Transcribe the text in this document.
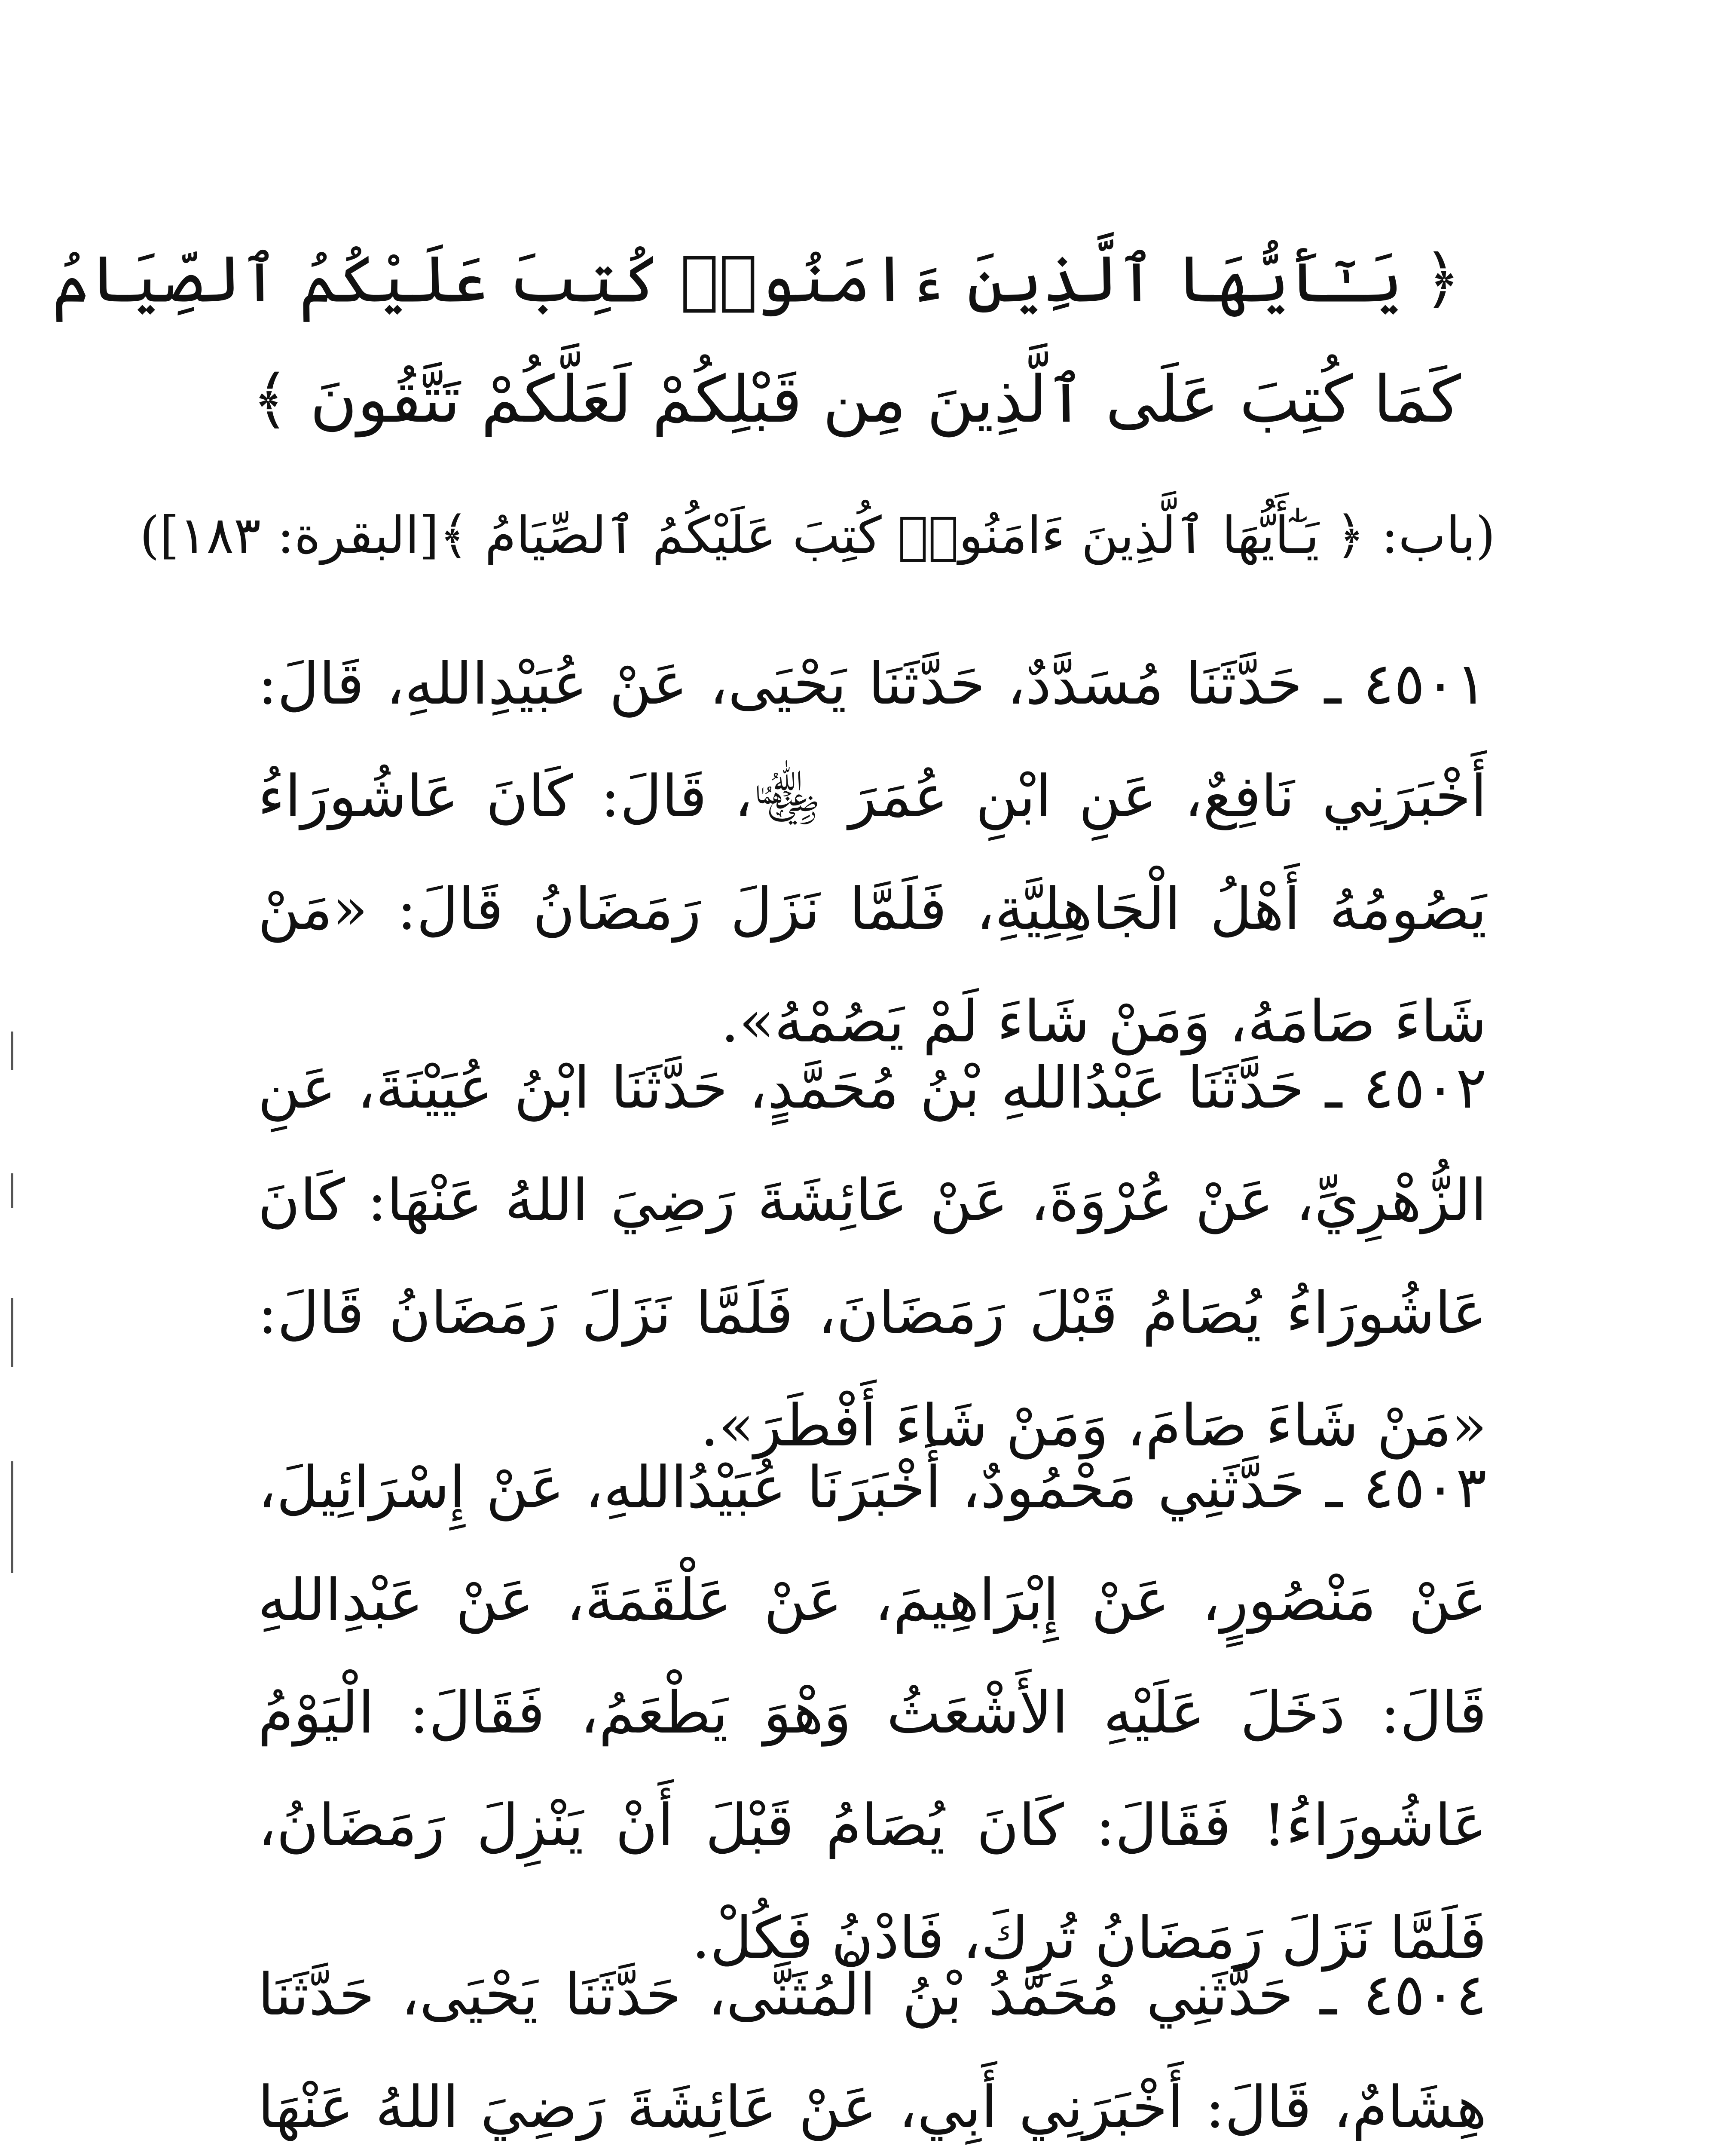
﴿ يَـٰٓأَيُّهَا ٱلَّذِينَ ءَامَنُوا۟ كُتِبَ عَلَيْكُمُ ٱلصِّيَامُ
كَمَا كُتِبَ عَلَى ٱلَّذِينَ مِن قَبْلِكُمْ لَعَلَّكُمْ تَتَّقُونَ ﴾
(باب: ﴿ يَـٰٓأَيُّهَا ٱلَّذِينَ ءَامَنُوا۟ كُتِبَ عَلَيْكُمُ ٱلصِّيَامُ ﴾[البقرة: ١٨٣])

٤٥٠١ ـ حَدَّثَنَا مُسَدَّدٌ، حَدَّثَنَا يَحْيَى، عَنْ عُبَيْدِاللهِ، قَالَ: أَخْبَرَنِي نَافِعٌ، عَنِ ابْنِ عُمَرَ ﵄، قَالَ: كَانَ عَاشُورَاءُ يَصُومُهُ أَهْلُ الْجَاهِلِيَّةِ، فَلَمَّا نَزَلَ رَمَضَانُ قَالَ: «مَنْ شَاءَ صَامَهُ، وَمَنْ شَاءَ لَمْ يَصُمْهُ».

٤٥٠٢ ـ حَدَّثَنَا عَبْدُاللهِ بْنُ مُحَمَّدٍ، حَدَّثَنَا ابْنُ عُيَيْنَةَ، عَنِ الزُّهْرِيِّ، عَنْ عُرْوَةَ، عَنْ عَائِشَةَ رَضِيَ اللهُ عَنْهَا: كَانَ عَاشُورَاءُ يُصَامُ قَبْلَ رَمَضَانَ، فَلَمَّا نَزَلَ رَمَضَانُ قَالَ: «مَنْ شَاءَ صَامَ، وَمَنْ شَاءَ أَفْطَرَ».

٤٥٠٣ ـ حَدَّثَنِي مَحْمُودٌ، أَخْبَرَنَا عُبَيْدُاللهِ، عَنْ إِسْرَائِيلَ، عَنْ مَنْصُورٍ، عَنْ إِبْرَاهِيمَ، عَنْ عَلْقَمَةَ، عَنْ عَبْدِاللهِ قَالَ: دَخَلَ عَلَيْهِ الأَشْعَثُ وَهْوَ يَطْعَمُ، فَقَالَ: الْيَوْمُ عَاشُورَاءُ! فَقَالَ: كَانَ يُصَامُ قَبْلَ أَنْ يَنْزِلَ رَمَضَانُ، فَلَمَّا نَزَلَ رَمَضَانُ تُرِكَ، فَادْنُ فَكُلْ.

٤٥٠٤ ـ حَدَّثَنِي مُحَمَّدُ بْنُ الْمُثَنَّى، حَدَّثَنَا يَحْيَى، حَدَّثَنَا هِشَامٌ، قَالَ: أَخْبَرَنِي أَبِي، عَنْ عَائِشَةَ رَضِيَ اللهُ عَنْهَا
